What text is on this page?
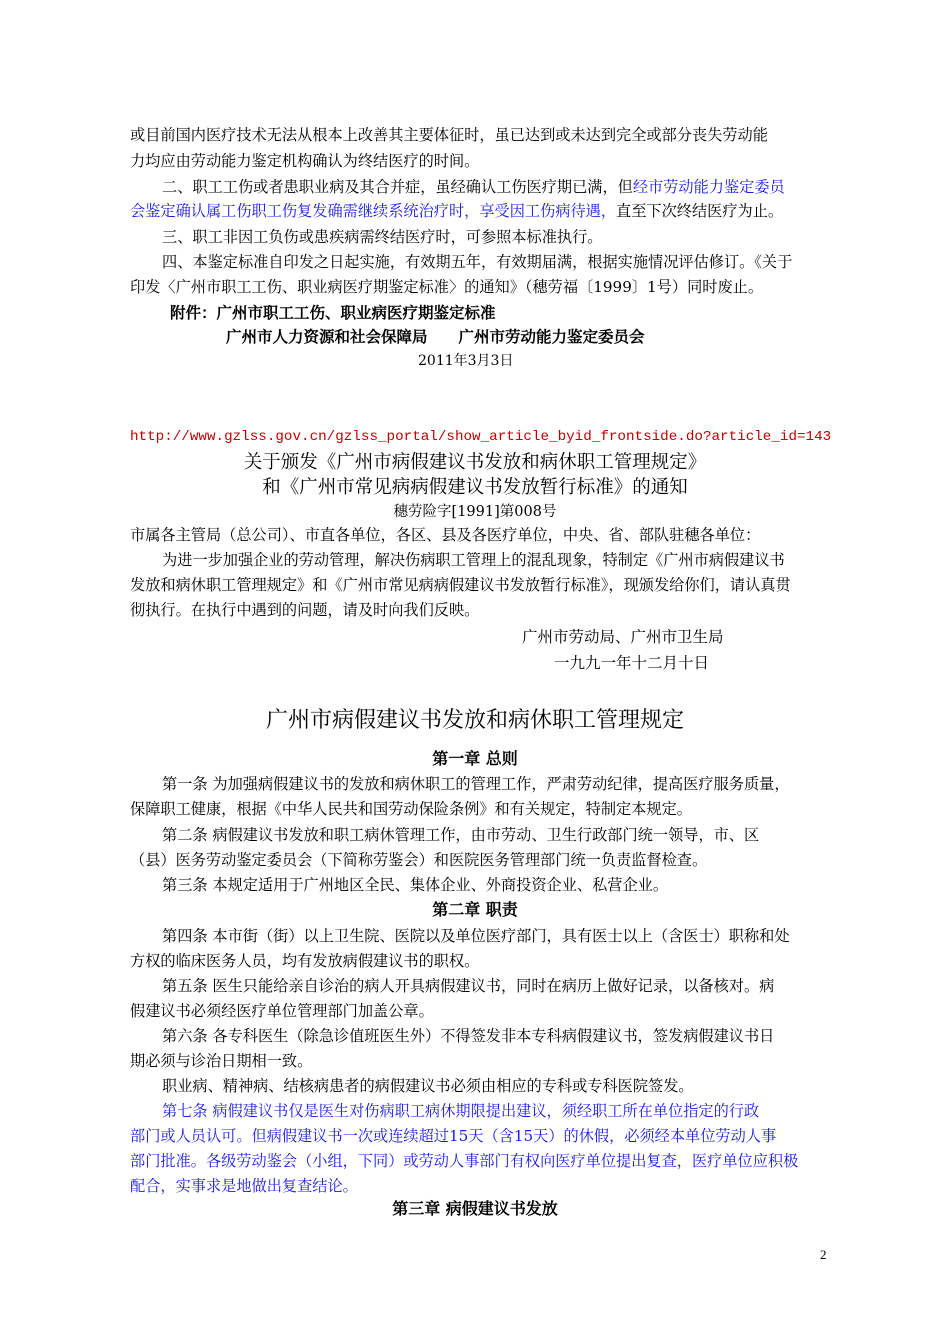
或目前国内医疗技术无法从根本上改善其主要体征时，虽已达到或未达到完全或部分丧失劳动能
力均应由劳动能力鉴定机构确认为终结医疗的时间。
二、职工工伤或者患职业病及其合并症，虽经确认工伤医疗期已满，但经市劳动能力鉴定委员
会鉴定确认属工伤职工伤复发确需继续系统治疗时，享受因工伤病待遇，直至下次终结医疗为止。
三、职工非因工负伤或患疾病需终结医疗时，可参照本标准执行。
四、本鉴定标准自印发之日起实施，有效期五年，有效期届满，根据实施情况评估修订。《关于
印发〈广州市职工工伤、职业病医疗期鉴定标准〉的通知》（穗劳福〔1999〕1号）同时废止。
附件：广州市职工工伤、职业病医疗期鉴定标准
广州市人力资源和社会保障局　　广州市劳动能力鉴定委员会
2011年3月3日
http://www.gzlss.gov.cn/gzlss_portal/show_article_byid_frontside.do?article_id=143
关于颁发《广州市病假建议书发放和病休职工管理规定》
和《广州市常见病病假建议书发放暂行标准》的通知
穗劳险字[1991]第008号
市属各主管局（总公司）、市直各单位，各区、县及各医疗单位，中央、省、部队驻穗各单位：
为进一步加强企业的劳动管理，解决伤病职工管理上的混乱现象，特制定《广州市病假建议书
发放和病休职工管理规定》和《广州市常见病病假建议书发放暂行标准》，现颁发给你们，请认真贯
彻执行。在执行中遇到的问题，请及时向我们反映。
广州市劳动局、广州市卫生局
一九九一年十二月十日
广州市病假建议书发放和病休职工管理规定
第一章 总则
第一条 为加强病假建议书的发放和病休职工的管理工作，严肃劳动纪律，提高医疗服务质量，
保障职工健康，根据《中华人民共和国劳动保险条例》和有关规定，特制定本规定。
第二条 病假建议书发放和职工病休管理工作，由市劳动、卫生行政部门统一领导，市、区
（县）医务劳动鉴定委员会（下简称劳鉴会）和医院医务管理部门统一负责监督检查。
第三条 本规定适用于广州地区全民、集体企业、外商投资企业、私营企业。
第二章 职责
第四条 本市街（街）以上卫生院、医院以及单位医疗部门，具有医士以上（含医士）职称和处
方权的临床医务人员，均有发放病假建议书的职权。
第五条 医生只能给亲自诊治的病人开具病假建议书，同时在病历上做好记录，以备核对。病
假建议书必须经医疗单位管理部门加盖公章。
第六条 各专科医生（除急诊值班医生外）不得签发非本专科病假建议书，签发病假建议书日
期必须与诊治日期相一致。
职业病、精神病、结核病患者的病假建议书必须由相应的专科或专科医院签发。
第七条 病假建议书仅是医生对伤病职工病休期限提出建议，须经职工所在单位指定的行政
部门或人员认可。但病假建议书一次或连续超过15天（含15天）的休假，必须经本单位劳动人事
部门批准。各级劳动鉴会（小组，下同）或劳动人事部门有权向医疗单位提出复查，医疗单位应积极
配合，实事求是地做出复查结论。
第三章 病假建议书发放
2
